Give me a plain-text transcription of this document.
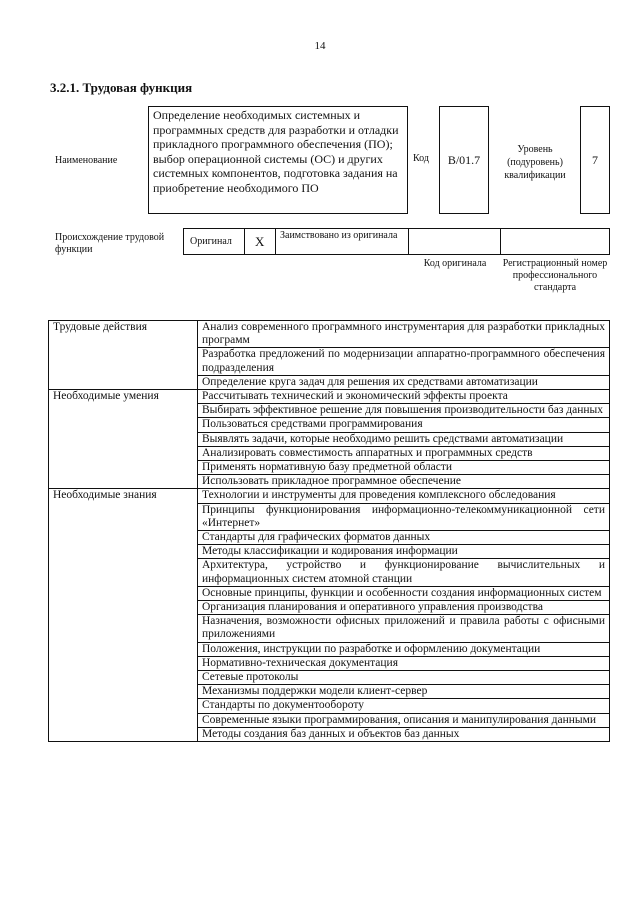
14
3.2.1. Трудовая функция
Наименование
Определение необходимых системных и программных средств для разработки и отладки прикладного программного обеспечения (ПО); выбор операционной системы (ОС) и других системных компонентов, подготовка задания на приобретение необходимого ПО
Код B/01.7
Уровень (подуровень) квалификации
7
Происхождение трудовой функции
Оригинал X Заимствовано из оригинала
Код оригинала	Регистрационный номер профессионального стандарта
Трудовые действия	Анализ современного программного инструментария для разработки прикладных программ
	Разработка предложений по модернизации аппаратно-программного обеспечения подразделения
	Определение круга задач для решения их средствами автоматизации
Необходимые умения	Рассчитывать технический и экономический эффекты проекта
	Выбирать эффективное решение для повышения производительности баз данных
	Пользоваться средствами программирования
	Выявлять задачи, которые необходимо решить средствами автоматизации
	Анализировать совместимость аппаратных и программных средств
	Применять нормативную базу предметной области
	Использовать прикладное программное обеспечение
Необходимые знания	Технологии и инструменты для проведения комплексного обследования
	Принципы функционирования информационно-телекоммуникационной сети «Интернет»
	Стандарты для графических форматов данных
	Методы классификации и кодирования информации
	Архитектура, устройство и функционирование вычислительных и информационных систем атомной станции
	Основные принципы, функции и особенности создания информационных систем
	Организация планирования и оперативного управления производства
	Назначения, возможности офисных приложений и правила работы с офисными приложениями
	Положения, инструкции по разработке и оформлению документации
	Нормативно-техническая документация
	Сетевые протоколы
	Механизмы поддержки модели клиент-сервер
	Стандарты по документообороту
	Современные языки программирования, описания и манипулирования данными
	Методы создания баз данных и объектов баз данных
